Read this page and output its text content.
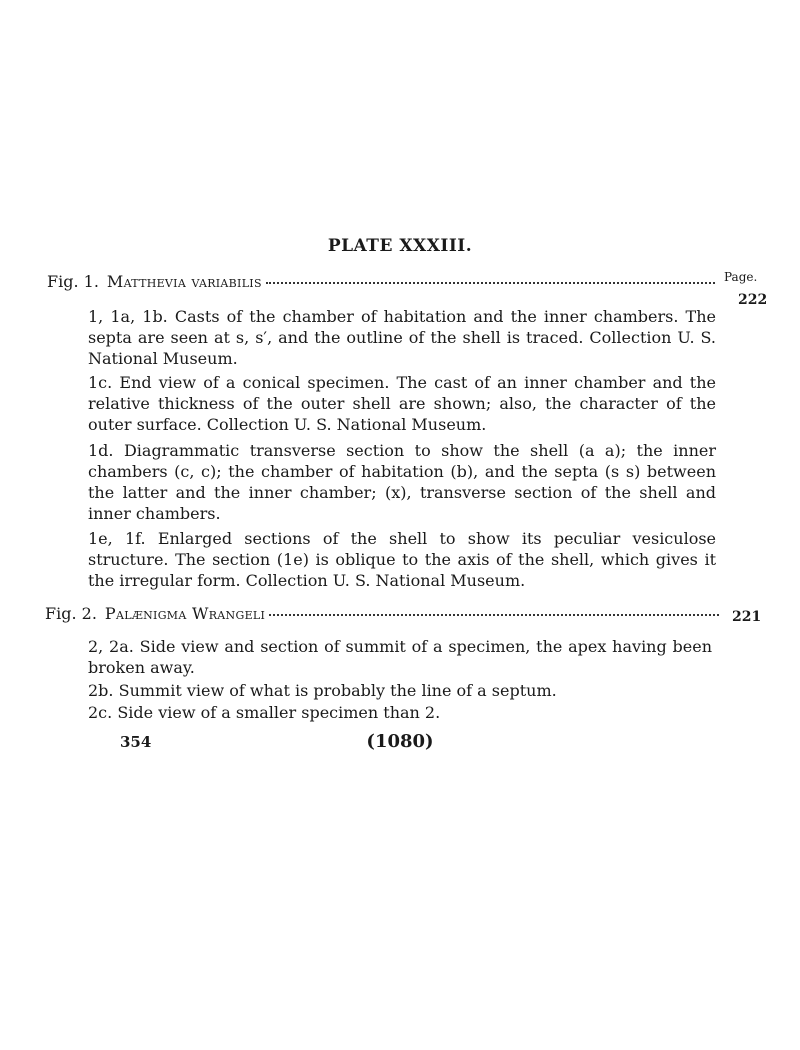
PLATE XXXIII.
Page.
Fig. 1. Matthevia variabilis
222
1, 1a, 1b. Casts of the chamber of habitation and the inner chambers. The septa are seen at s, s′, and the outline of the shell is traced. Collection U. S. National Museum.
1c. End view of a conical specimen. The cast of an inner chamber and the relative thickness of the outer shell are shown; also, the character of the outer surface. Collection U. S. National Museum.
1d. Diagrammatic transverse section to show the shell (a a); the inner chambers (c, c); the chamber of habitation (b), and the septa (s s) between the latter and the inner chamber; (x), transverse section of the shell and inner chambers.
1e, 1f. Enlarged sections of the shell to show its peculiar vesiculose structure. The section (1e) is oblique to the axis of the shell, which gives it the irregular form. Collection U. S. National Museum.
Fig. 2. Palænigma Wrangeli	221
2, 2a. Side view and section of summit of a specimen, the apex having been broken away.
2b. Summit view of what is probably the line of a septum.
2c. Side view of a smaller specimen than 2.
354	(1080)
